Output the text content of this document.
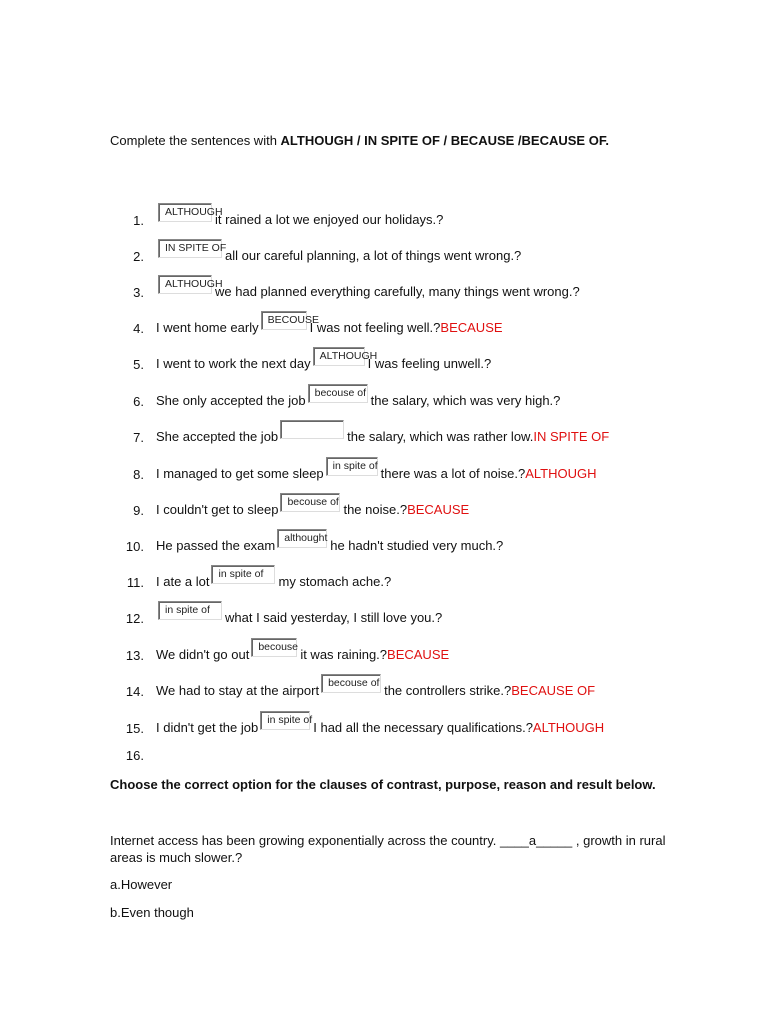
Complete the sentences with ALTHOUGH / IN SPITE OF / BECAUSE /BECAUSE OF.
1.
ALTHOUGH
it rained a lot we enjoyed our holidays.?
2.
IN SPITE OF
all our careful planning, a lot of things went wrong.?
3.
ALTHOUGH
we had planned everything carefully, many things went wrong.?
4. I went home early BECOUSE
I was not feeling well.? BECAUSE
5. I went to work the next day ALTHOUGH
I was feeling unwell.?
6. She only accepted the job becouse of the salary, which was very high.?
7. She accepted the job	the salary, which was rather low. IN SPITE OF
8. I managed to get some sleep in spite of there was a lot of noise.? ALTHOUGH
9. I couldn't get to sleep becouse of the noise.? BECAUSE
10. He passed the exam althought he hadn't studied very much.?
11. I ate a lot in spite of	my stomach ache.?
12.
in spite of	what I said yesterday, I still love you.?
13. We didn't go out becouse it was raining.? BECAUSE
14. We had to stay at the airport becouse of the controllers strike.? BECAUSE OF
15. I didn't get the job in spite of I had all the necessary qualifications.? ALTHOUGH
16.
Choose the correct option for the clauses of contrast, purpose, reason and result below.
Internet access has been growing exponentially across the country. ____a_____ , growth in rural areas is much slower.?
a.However
b.Even though
